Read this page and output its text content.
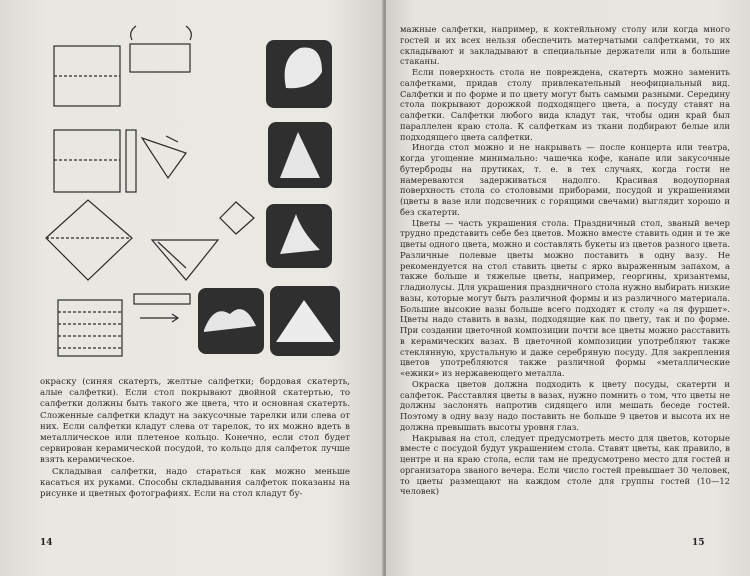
окраску (синяя скатерть, желтые салфетки; бордовая скатерть, алые салфетки). Если стол покрывают двойной скатертью, то салфетки должны быть такого же цвета, что и основная скатерть. Сложенные салфетки кладут на закусочные тарелки или слева от них. Если салфетки кладут слева от тарелок, то их можно вдеть в металлическое или плетеное кольцо. Конечно, если стол будет сервирован керамической посудой, то кольцо для салфеток лучше взять керамическое.

Складывая салфетки, надо стараться как можно меньше касаться их руками. Способы складывания салфеток показаны на рисунке и цветных фотографиях. Если на стол кладут бу-

14

мажные салфетки, например, к коктейльному столу или когда много гостей и их всех нельзя обеспечить матерчатыми салфетками, то их складывают и закладывают в специальные держатели или в большие стаканы.

Если поверхность стола не повреждена, скатерть можно заменить салфетками, придав столу привлекательный неофициальный вид. Салфетки и по форме и по цвету могут быть самыми разными. Середину стола покрывают дорожкой подходящего цвета, а посуду ставят на салфетки. Салфетки любого вида кладут так, чтобы один край был параллелен краю стола. К салфеткам из ткани подбирают белые или подходящего цвета салфетки.

Иногда стол можно и не накрывать — после концерта или театра, когда угощение минимально: чашечка кофе, канапе или закусочные бутерброды на прутиках, т. е. в тех случаях, когда гости не намереваются задерживаться надолго. Красивая водоупорная поверхность стола со столовыми приборами, посудой и украшениями (цветы в вазе или подсвечник с горящими свечами) выглядит хорошо и без скатерти.

Цветы — часть украшения стола. Праздничный стол, званый вечер трудно представить себе без цветов. Можно вместе ставить один и те же цветы одного цвета, можно и составлять букеты из цветов разного цвета. Различные полевые цветы можно поставить в одну вазу. Не рекомендуется на стол ставить цветы с ярко выраженным запахом, а также больше и тяжелые цветы, например, георгины, хризантемы, гладиолусы. Для украшения праздничного стола нужно выбирать низкие вазы, которые могут быть различной формы и из различного материала. Большие высокие вазы больше всего подходят к столу «а ля фуршет». Цветы надо ставить в вазы, подходящие как по цвету, так и по форме. При создании цветочной композиции почти все цветы можно расставить в керамических вазах. В цветочной композиции употребляют также стеклянную, хрустальную и даже серебряную посуду. Для закрепления цветов употребляются также различной формы «металлические «ежики» из нержавеющего металла.

Окраска цветов должна подходить к цвету посуды, скатерти и салфеток. Расставляя цветы в вазах, нужно помнить о том, что цветы не должны заслонять напротив сидящего или мешать беседе гостей. Поэтому в одну вазу надо поставить не больше 9 цветов и высота их не должна превышать высоты уровня глаз.

Накрывая на стол, следует предусмотреть место для цветов, которые вместе с посудой будут украшением стола. Ставят цветы, как правило, в центре и на краю стола, если там не предусмотрено место для гостей и организатора званого вечера. Если число гостей превышает 30 человек, то цветы размещают на каждом столе для группы гостей (10—12 человек)

15
